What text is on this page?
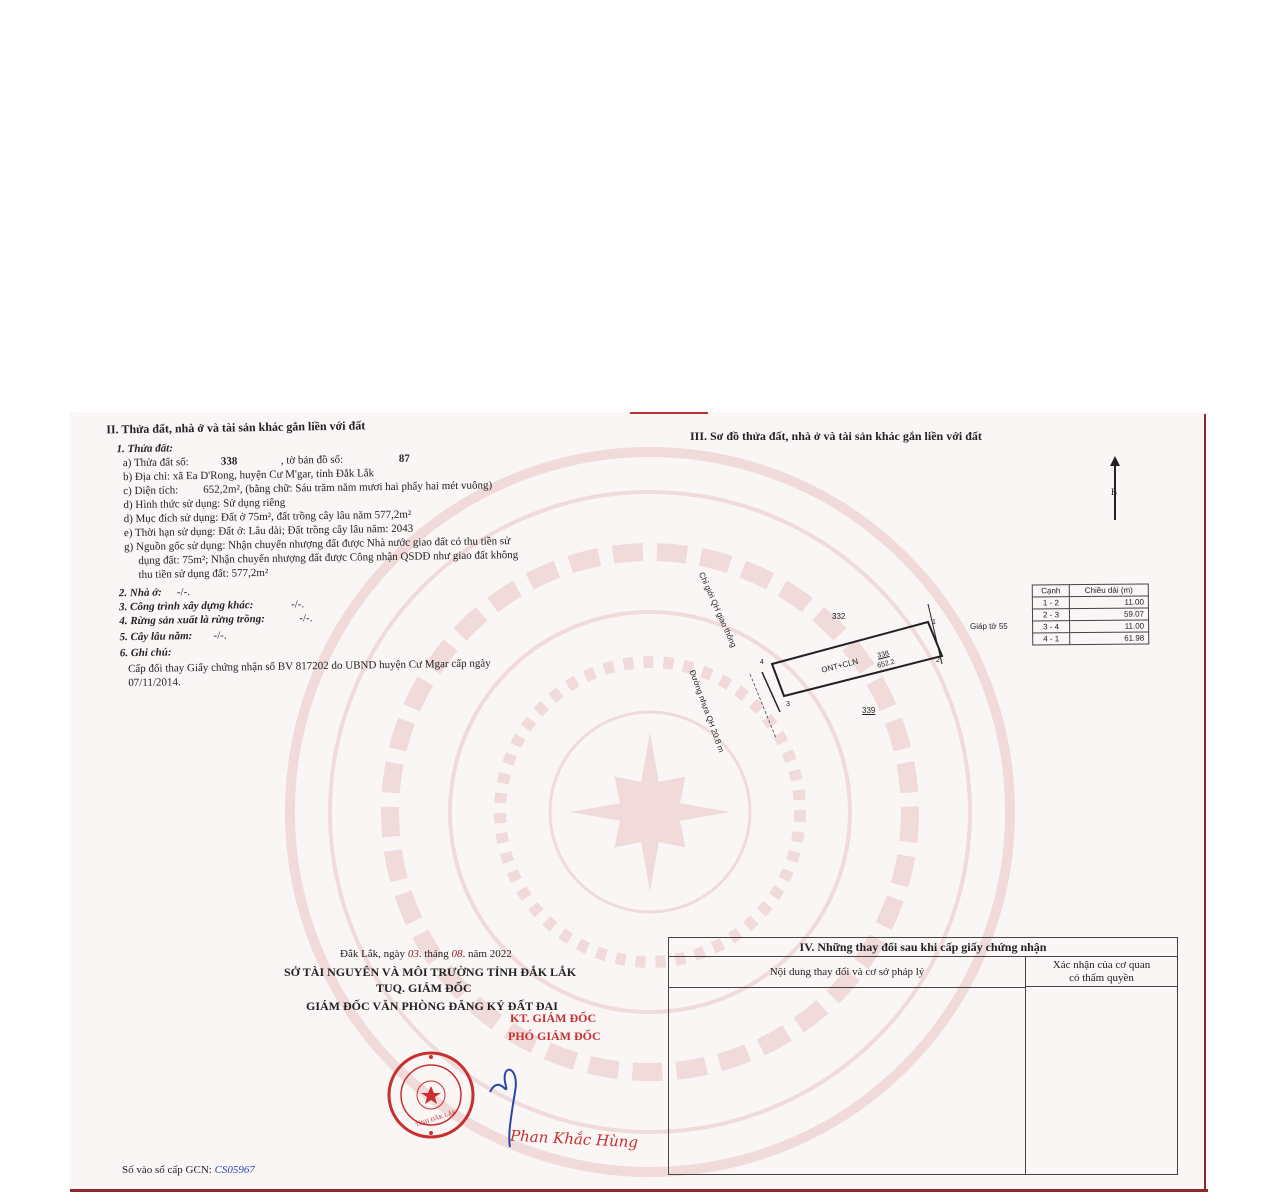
II. Thửa đất, nhà ở và tài sản khác gắn liền với đất
1. Thửa đất:
a) Thửa đất số:	338	, tờ bản đồ số:	87
b) Địa chỉ: xã Ea D'Rong, huyện Cư M'gar, tỉnh Đắk Lắk
c) Diện tích: 652,2m², (bằng chữ: Sáu trăm năm mươi hai phẩy hai mét vuông)
d) Hình thức sử dụng: Sử dụng riêng
d) Mục đích sử dụng: Đất ở 75m², đất trồng cây lâu năm 577,2m²
e) Thời hạn sử dụng: Đất ở: Lâu dài; Đất trồng cây lâu năm: 2043
g) Nguồn gốc sử dụng: Nhận chuyển nhượng đất được Nhà nước giao đất có thu tiền sử
dụng đất: 75m²; Nhận chuyển nhượng đất được Công nhận QSDĐ như giao đất không
thu tiền sử dụng đất: 577,2m²
2. Nhà ở: -/-.
3. Công trình xây dựng khác:	-/-.
4. Rừng sản xuất là rừng trồng:	-/-.
5. Cây lâu năm: -/-.
6. Ghi chú:
Cấp đổi thay Giấy chứng nhận số BV 817202 do UBND huyện Cư Mgar cấp ngày
07/11/2014.
III. Sơ đồ thửa đất, nhà ở và tài sản khác gắn liền với đất
B
Chỉ giới QH giao thông
Đường nhựa QH 20.8 m
332
339
Giáp tờ 55
ONT+CLN
338
652.2	2
1
3
4
Cạnh	Chiều dài (m)
1 - 2	11.00
2 - 3	59.07
3 - 4	11.00
4 - 1	61.98
Đắk Lắk, ngày 03. tháng 08. năm 2022
SỞ TÀI NGUYÊN VÀ MÔI TRƯỜNG TỈNH ĐẮK LẮK
TUQ. GIÁM ĐỐC
GIÁM ĐỐC VĂN PHÒNG ĐĂNG KÝ ĐẤT ĐAI
KT. GIÁM ĐỐC
PHÓ GIÁM ĐỐC
TỈNH ĐẮK LẮK
Phan Khắc Hùng
Số vào sổ cấp GCN: CS05967
IV. Những thay đổi sau khi cấp giấy chứng nhận
Nội dung thay đổi và cơ sở pháp lý
Xác nhận của cơ quan
có thẩm quyền
